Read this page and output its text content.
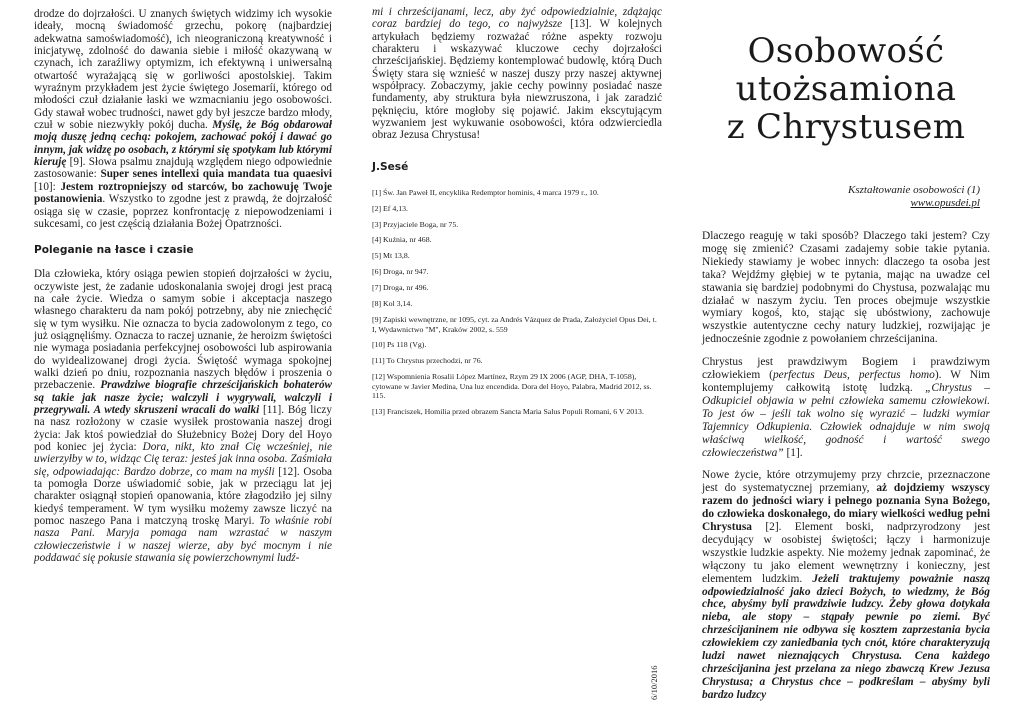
drodze do dojrzałości. U znanych świętych widzimy ich wysokie ideały, mocną świadomość grzechu, pokorę (najbardziej adekwatna samoświadomość), ich nieograniczoną kreatywność i inicjatywę, zdolność do dawania siebie i miłość okazywaną w czynach, ich zaraźliwy optymizm, ich efektywną i uniwersalną otwartość wyrażającą się w gorliwości apostolskiej. Takim wyraźnym przykładem jest życie świętego Josemaríi, którego od młodości czuł działanie łaski we wzmacnianiu jego osobowości. Gdy stawał wobec trudności, nawet gdy był jeszcze bardzo młody, czuł w sobie niezwykły pokój ducha. Myślę, że Bóg obdarował moją duszę jedną cechą: pokojem, zachować pokój i dawać go innym, jak widzę po osobach, z którymi się spotykam lub którymi kieruję [9]. Słowa psalmu znajdują względem niego odpowiednie zastosowanie: Super senes intellexi quia mandata tua quaesivi [10]: Jestem roztropniejszy od starców, bo zachowuję Twoje postanowienia. Wszystko to zgodne jest z prawdą, że dojrzałość osiąga się w czasie, poprzez konfrontację z niepowodzeniami i sukcesami, co jest częścią działania Bożej Opatrzności.
Poleganie na łasce i czasie
Dla człowieka, który osiąga pewien stopień dojrzałości w życiu, oczywiste jest, że zadanie udoskonalania swojej drogi jest pracą na całe życie. Wiedza o samym sobie i akceptacja naszego własnego charakteru da nam pokój potrzebny, aby nie zniechęcić się w tym wysiłku. Nie oznacza to bycia zadowolonym z tego, co już osiągnęliśmy. Oznacza to raczej uznanie, że heroizm świętości nie wymaga posiadania perfekcyjnej osobowości lub aspirowania do wyidealizowanej drogi życia. Świętość wymaga spokojnej walki dzień po dniu, rozpoznania naszych błędów i proszenia o przebaczenie. Prawdziwe biografie chrześcijańskich bohaterów są takie jak nasze życie; walczyli i wygrywali, walczyli i przegrywali. A wtedy skruszeni wracali do walki [11]. Bóg liczy na nasz rozłożony w czasie wysiłek prostowania naszej drogi życia: Jak ktoś powiedział do Służebnicy Bożej Dory del Hoyo pod koniec jej życia: Dora, nikt, kto znał Cię wcześniej, nie uwierzyłby w to, widząc Cię teraz: jesteś jak inna osoba. Zaśmiała się, odpowiadając: Bardzo dobrze, co mam na myśli [12]. Osoba ta pomogła Dorze uświadomić sobie, jak w przeciągu lat jej charakter osiągnął stopień opanowania, które złagodziło jej silny kiedyś temperament. W tym wysiłku możemy zawsze liczyć na pomoc naszego Pana i matczyną troskę Maryi. To właśnie robi nasza Pani. Maryja pomaga nam wzrastać w naszym człowieczeństwie i w naszej wierze, aby być mocnym i nie poddawać się pokusie stawania się powierzchownymi ludź-
mi i chrześcijanami, lecz, aby żyć odpowiedzialnie, zdążając coraz bardziej do tego, co najwyższe [13]. W kolejnych artykułach będziemy rozważać różne aspekty rozwoju charakteru i wskazywać kluczowe cechy dojrzałości chrześcijańskiej. Będziemy kontemplować budowlę, którą Duch Święty stara się wznieść w naszej duszy przy naszej aktywnej współpracy. Zobaczymy, jakie cechy powinny posiadać nasze fundamenty, aby struktura była niewzruszona, i jak zaradzić pęknięciu, które mogłoby się pojawić. Jakim ekscytującym wyzwaniem jest wykuwanie osobowości, która odzwierciedla obraz Jezusa Chrystusa!
J.Sesé
[1] Św. Jan Paweł II, encyklika Redemptor hominis, 4 marca 1979 r., 10.
[2] Ef 4,13.
[3] Przyjaciele Boga, nr 75.
[4] Kuźnia, nr 468.
[5] Mt 13,8.
[6] Droga, nr 947.
[7] Droga, nr 496.
[8] Kol 3,14.
[9] Zapiski wewnętrzne, nr 1095, cyt. za Andrés Vázquez de Prada, Założyciel Opus Dei, t. I, Wydawnictwo "M", Kraków 2002, s. 559
[10] Ps 118 (Vg).
[11] To Chrystus przechodzi, nr 76.
[12] Wspomnienia Rosalii López Martínez, Rzym 29 IX 2006 (AGP, DHA, T-1058), cytowane w Javier Medina, Una luz encendida. Dora del Hoyo, Palabra, Madrid 2012, ss. 115.
[13] Franciszek, Homilia przed obrazem Sancta Maria Salus Populi Romani, 6 V 2013.
6/10/2016
Osobowość
utożsamiona
z Chrystusem
Kształtowanie osobowości (1)
www.opusdei.pl
Dlaczego reaguję w taki sposób? Dlaczego taki jestem? Czy mogę się zmienić? Czasami zadajemy sobie takie pytania. Niekiedy stawiamy je wobec innych: dlaczego ta osoba jest taka? Wejdźmy głębiej w te pytania, mając na uwadze cel stawania się bardziej podobnymi do Chystusa, pozwalając mu działać w naszym życiu. Ten proces obejmuje wszystkie wymiary kogoś, kto, stając się ubóstwiony, zachowuje wszystkie autentyczne cechy natury ludzkiej, rozwijając je jednocześnie zgodnie z powołaniem chrześcijanina.
Chrystus jest prawdziwym Bogiem i prawdziwym człowiekiem (perfectus Deus, perfectus homo). W Nim kontemplujemy całkowitą istotę ludzką. „Chrystus – Odkupiciel objawia w pełni człowieka samemu człowiekowi. To jest ów – jeśli tak wolno się wyrazić – ludzki wymiar Tajemnicy Odkupienia. Człowiek odnajduje w nim swoją właściwą wielkość, godność i wartość swego człowieczeństwa” [1].
Nowe życie, które otrzymujemy przy chrzcie, przeznaczone jest do systematycznej przemiany, aż dojdziemy wszyscy razem do jedności wiary i pełnego poznania Syna Bożego, do człowieka doskonałego, do miary wielkości według pełni Chrystusa [2]. Element boski, nadprzyrodzony jest decydujący w osobistej świętości; łączy i harmonizuje wszystkie ludzkie aspekty. Nie możemy jednak zapominać, że włączony tu jako element wewnętrzny i konieczny, jest elementem ludzkim. Jeżeli traktujemy poważnie naszą odpowiedzialność jako dzieci Bożych, to wiedzmy, że Bóg chce, abyśmy byli prawdziwie ludzcy. Żeby głowa dotykała nieba, ale stopy – stąpały pewnie po ziemi. Być chrześcijaninem nie odbywa się kosztem zaprzestania bycia człowiekiem czy zaniedbania tych cnót, które charakteryzują ludzi nawet nieznających Chrystusa. Cena każdego chrześcijanina jest przelana za niego zbawczą Krew Jezusa Chrystusa; a Chrystus chce – podkreślam – abyśmy byli bardzo ludzcy
